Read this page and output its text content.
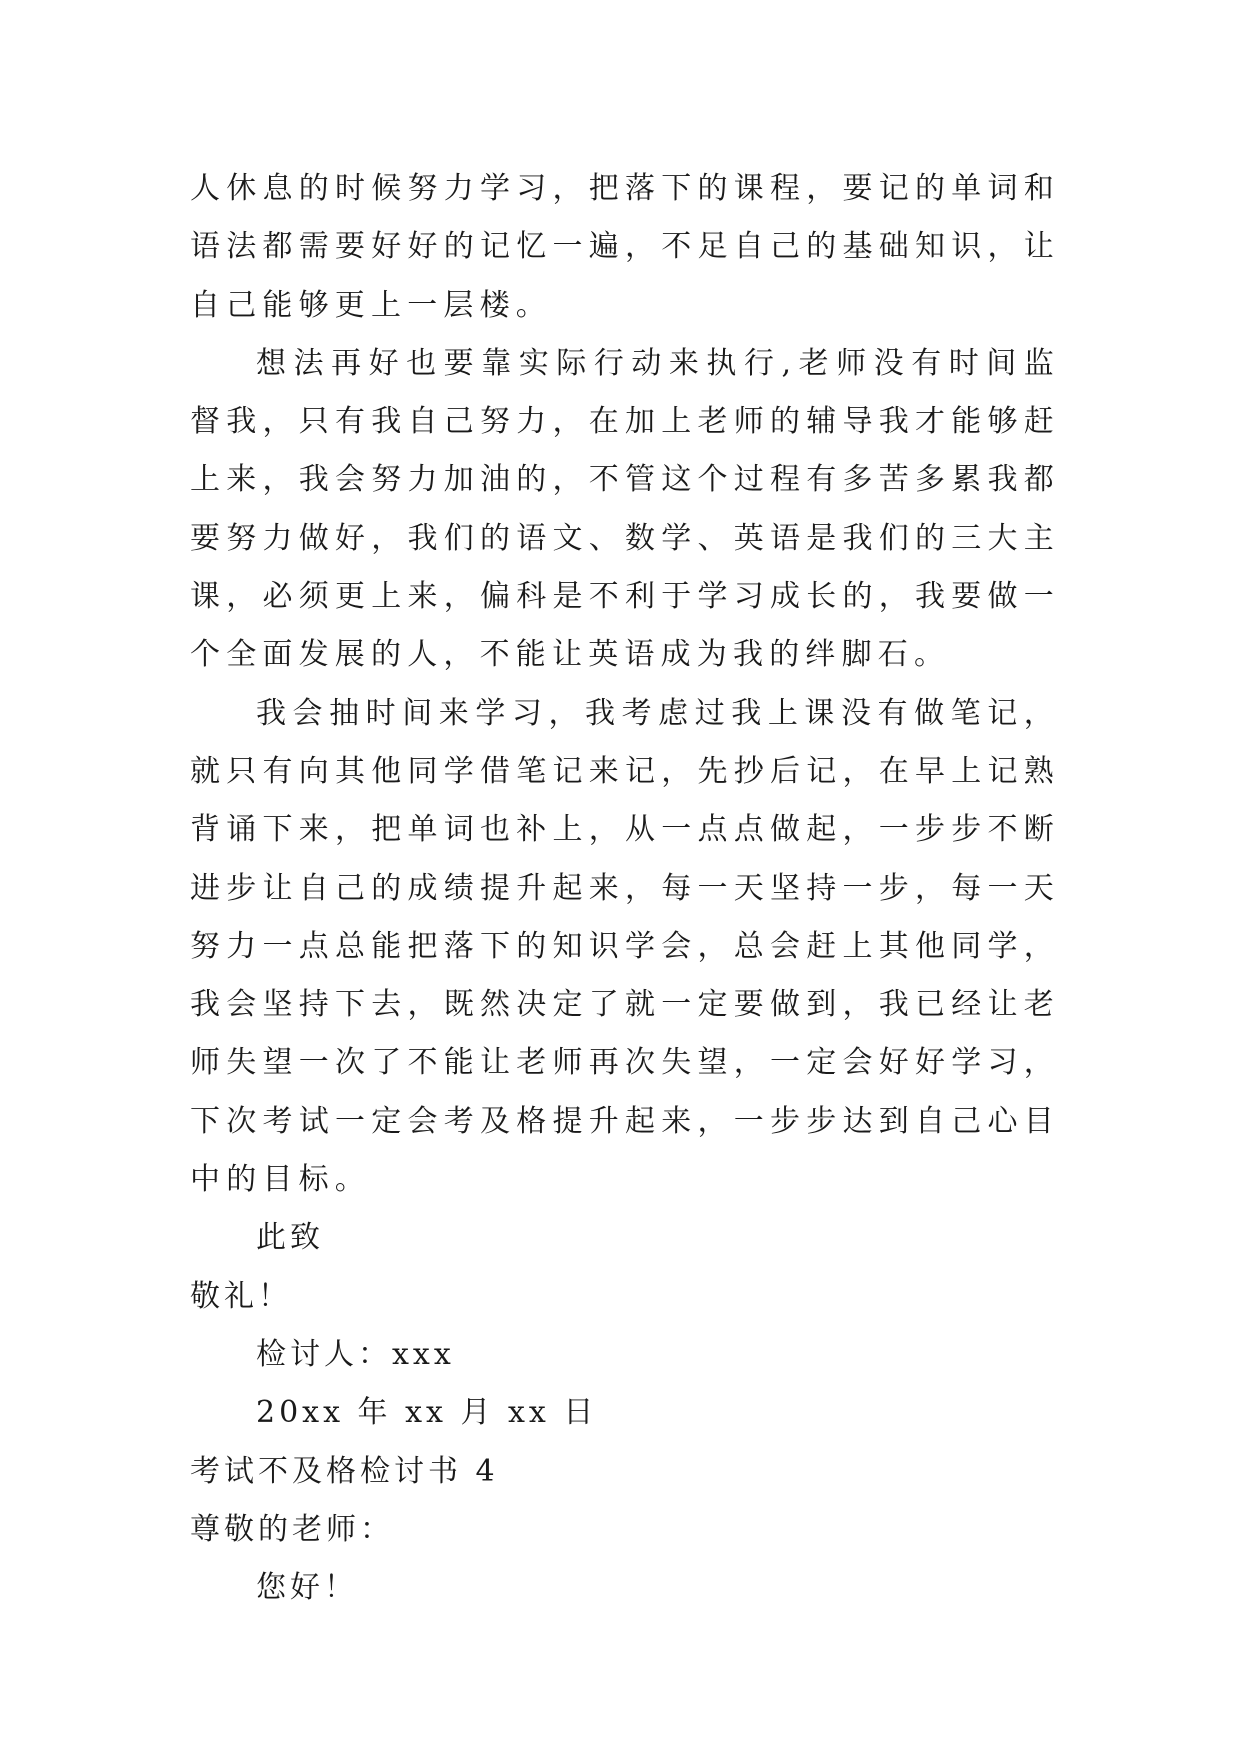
人休息的时候努力学习，把落下的课程，要记的单词和语法都需要好好的记忆一遍，不足自己的基础知识，让自己能够更上一层楼。

想法再好也要靠实际行动来执行,老师没有时间监督我，只有我自己努力，在加上老师的辅导我才能够赶上来，我会努力加油的，不管这个过程有多苦多累我都要努力做好，我们的语文、数学、英语是我们的三大主课，必须更上来，偏科是不利于学习成长的，我要做一个全面发展的人，不能让英语成为我的绊脚石。

我会抽时间来学习，我考虑过我上课没有做笔记，就只有向其他同学借笔记来记，先抄后记，在早上记熟背诵下来，把单词也补上，从一点点做起，一步步不断进步让自己的成绩提升起来，每一天坚持一步，每一天努力一点总能把落下的知识学会，总会赶上其他同学，我会坚持下去，既然决定了就一定要做到，我已经让老师失望一次了不能让老师再次失望，一定会好好学习，下次考试一定会考及格提升起来，一步步达到自己心目中的目标。

此致

敬礼！

检讨人：xxx

20xx 年 xx 月 xx 日

考试不及格检讨书 4

尊敬的老师：

您好！
